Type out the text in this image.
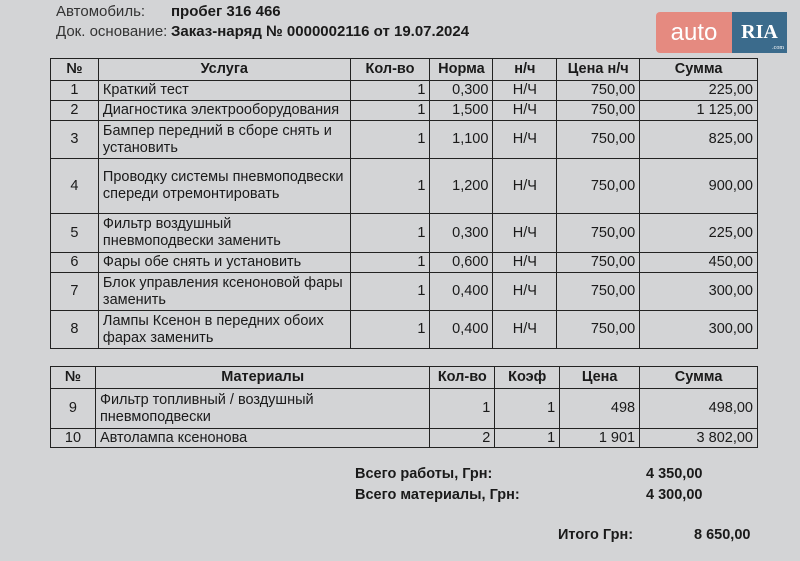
Автомобиль: пробег 316 466
Док. основание: Заказ-наряд № 0000002116 от 19.07.2024	auto	RIA
.com
№	Услуга	Кол-во	Норма	н/ч	Цена н/ч	Сумма
1	Краткий тест	1	0,300	Н/Ч	750,00	225,00
2	Диагностика электрооборудования	1	1,500	Н/Ч	750,00	1 125,00
3	Бампер передний в сборе снять и установить	1	1,100	Н/Ч	750,00	825,00
4	Проводку системы пневмоподвески спереди отремонтировать	1	1,200	Н/Ч	750,00	900,00
5	Фильтр воздушный пневмоподвески заменить	1	0,300	Н/Ч	750,00	225,00
6	Фары обе снять и установить	1	0,600	Н/Ч	750,00	450,00
7	Блок управления ксеноновой фары заменить	1	0,400	Н/Ч	750,00	300,00
8	Лампы Ксенон в передних обоих фарах заменить	1	0,400	Н/Ч	750,00	300,00
№	Материалы	Кол-во	Коэф	Цена	Сумма
9	Фильтр топливный / воздушный пневмоподвески	1	1	498	498,00
10	Автолампа ксенонова	2	1	1 901	3 802,00
Всего работы, Грн:	4 350,00
Всего материалы, Грн:	4 300,00
Итого Грн:	8 650,00
